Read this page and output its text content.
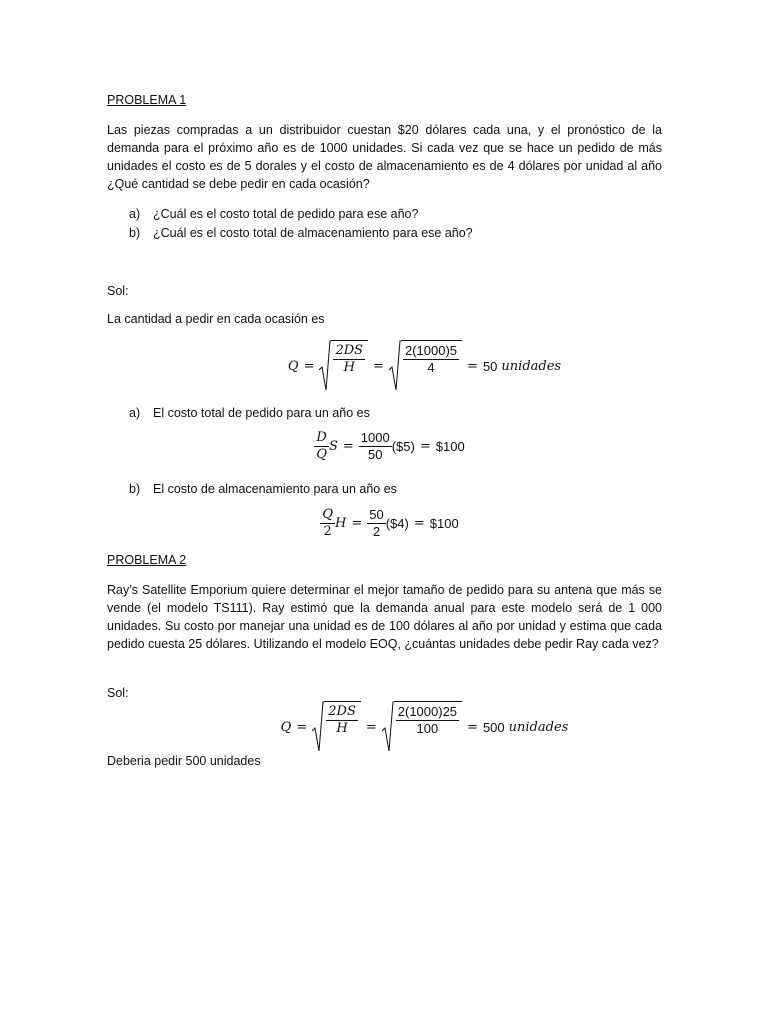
PROBLEMA 1
Las piezas compradas a un distribuidor cuestan $20 dólares cada una, y el pronóstico de la demanda para el próximo año es de 1000 unidades. Si cada vez que se hace un pedido de más unidades el costo es de 5 dorales y el costo de almacenamiento es de 4 dólares por unidad al año ¿Qué cantidad se debe pedir en cada ocasión?
a) ¿Cuál es el costo total de pedido para ese año?
b) ¿Cuál es el costo total de almacenamiento para ese año?
Sol:
La cantidad a pedir en cada ocasión es
$Q = \frac{2DS}{H} = \frac{2(1000)5}{4} = 50$ unidades
a) El costo total de pedido para un año es
$\frac{D}{Q}$ $S = \frac{1000}{50}$ ($5) = $100
b) El costo de almacenamiento para un año es
$\frac{Q}{2}$ $H = \frac{50}{2}$ ($4) = $100
PROBLEMA 2
Ray’s Satellite Emporium quiere determinar el mejor tamaño de pedido para su antena que más se vende (el modelo TS111). Ray estimó que la demanda anual para este modelo será de 1 000 unidades. Su costo por manejar una unidad es de 100 dólares al año por unidad y estima que cada pedido cuesta 25 dólares. Utilizando el modelo EOQ, ¿cuántas unidades debe pedir Ray cada vez?
Sol:
$Q = \frac{2DS}{H} = \frac{2(1000)25}{100} = 500$ unidades
Deberia pedir 500 unidades
